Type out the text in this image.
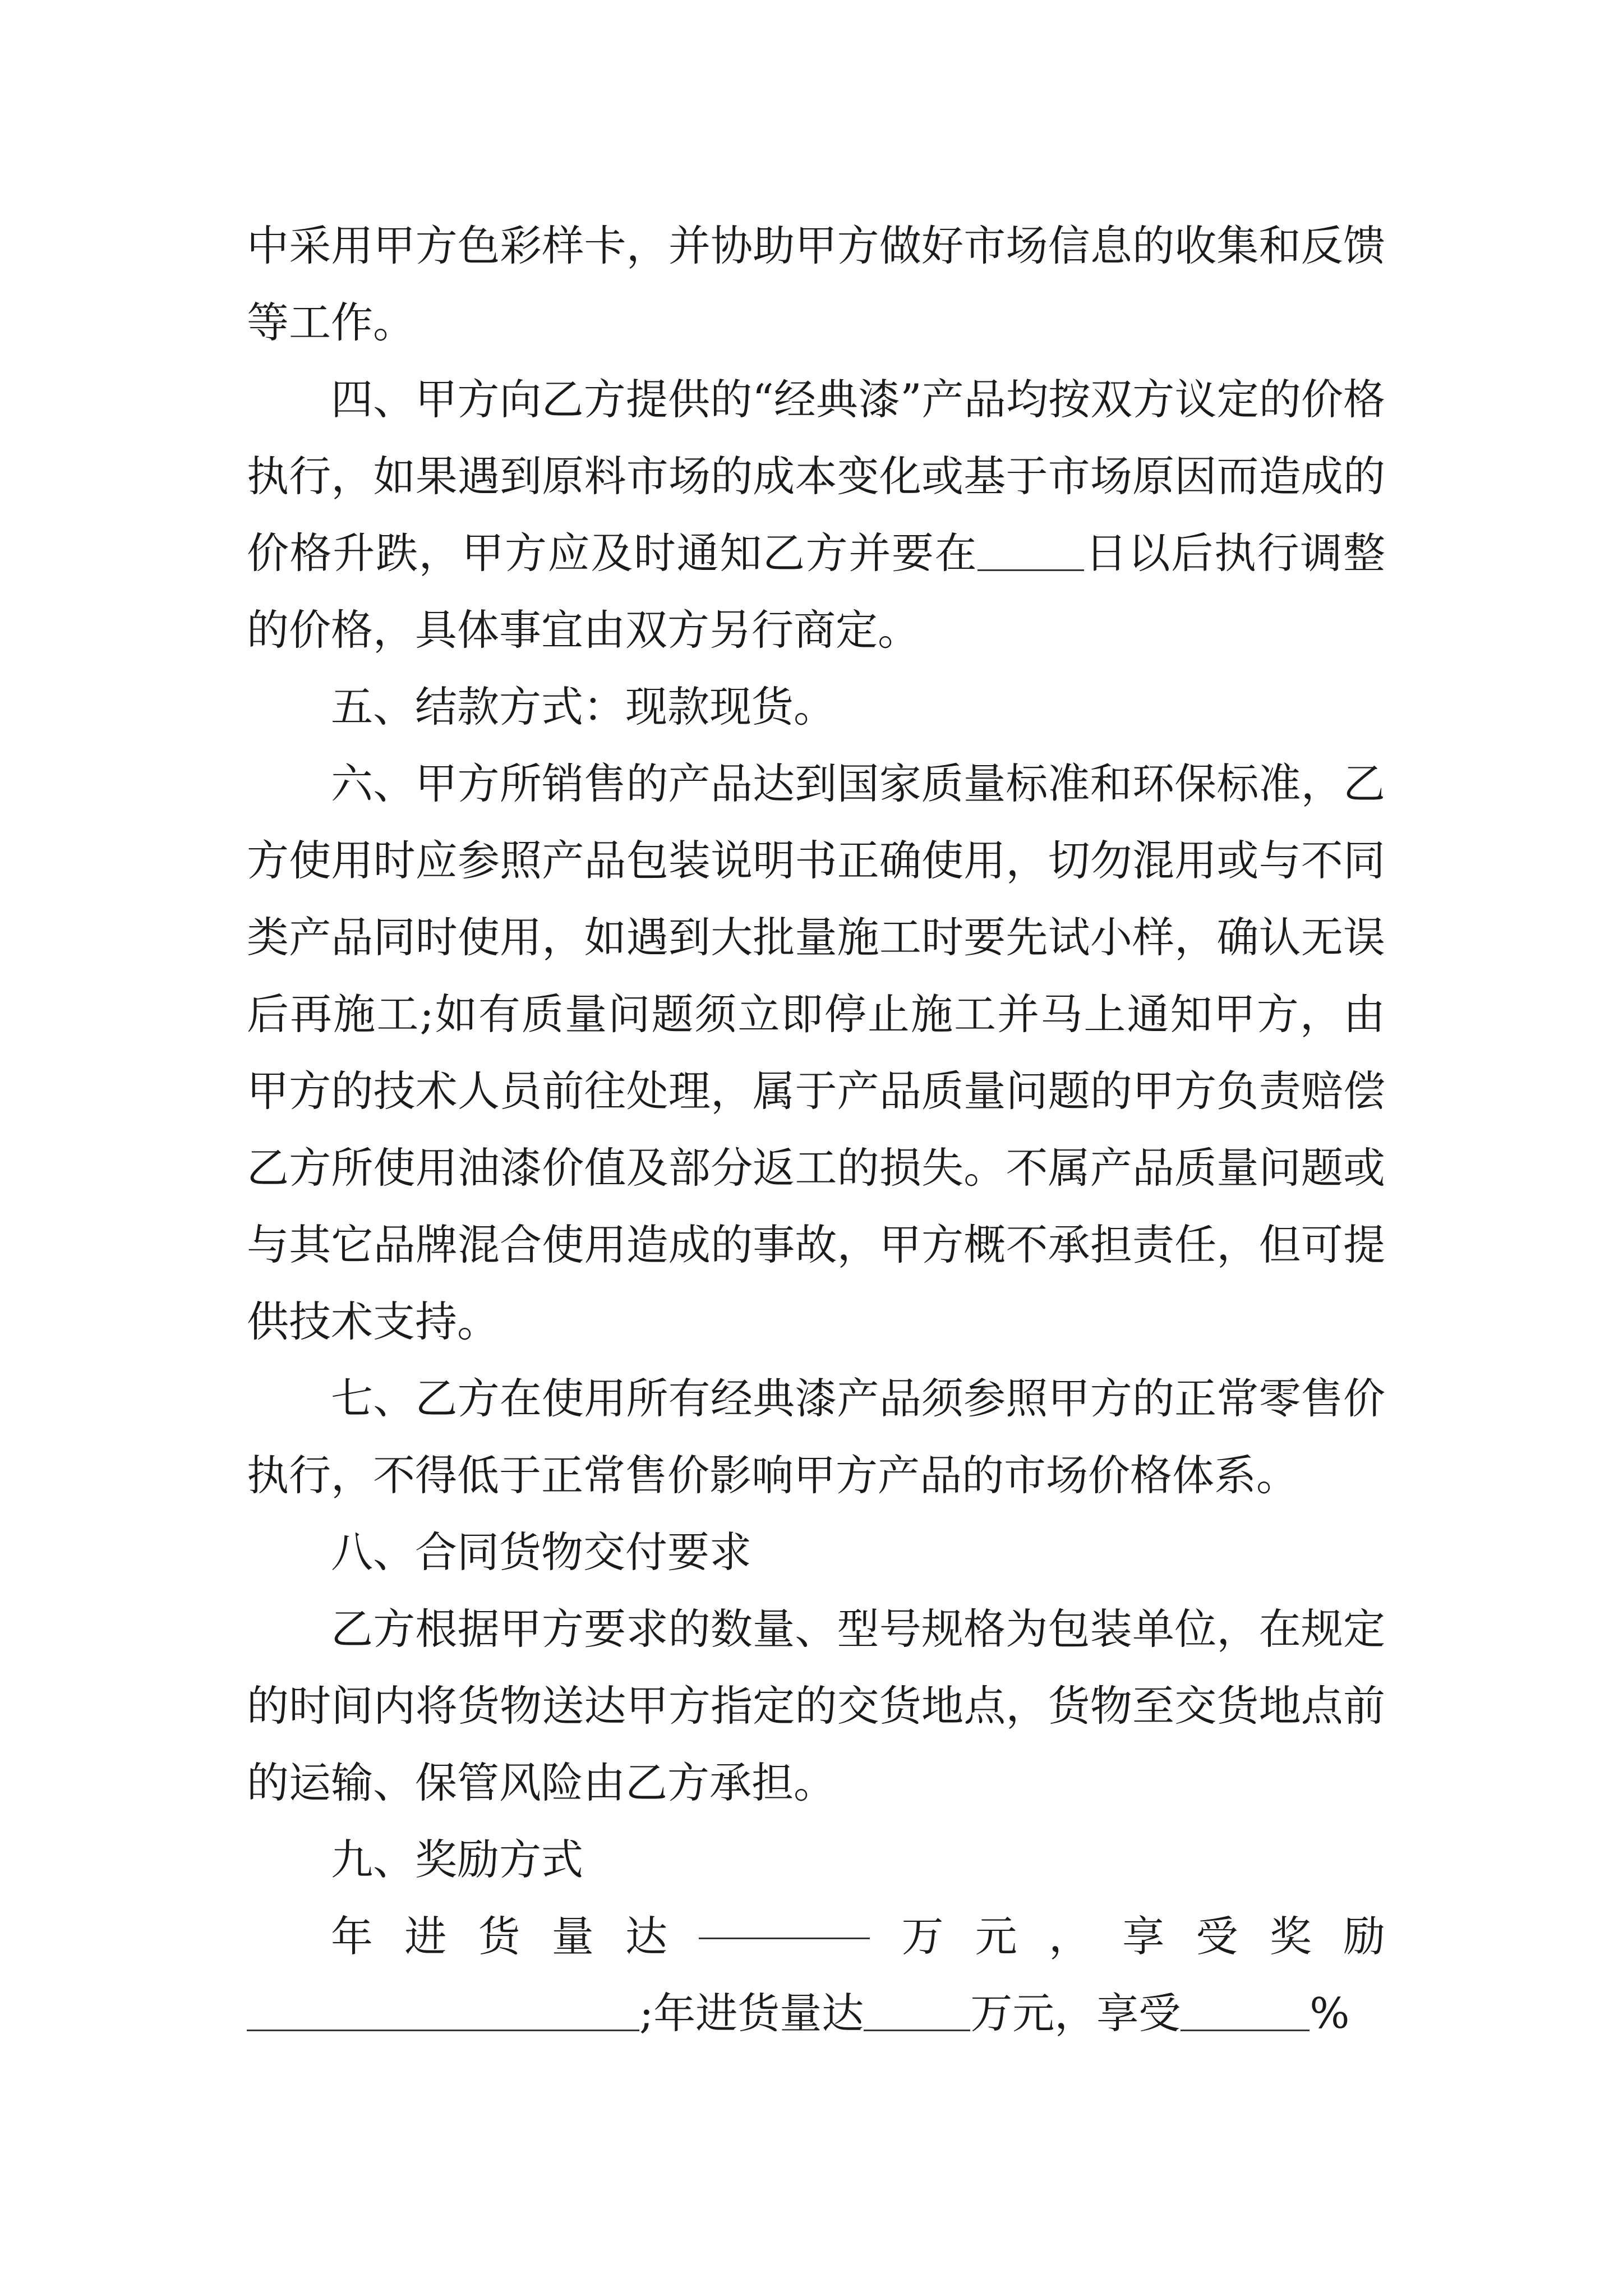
中采用甲方色彩样卡，并协助甲方做好市场信息的收集和反馈等工作。

四、甲方向乙方提供的“经典漆”产品均按双方议定的价格执行，如果遇到原料市场的成本变化或基于市场原因而造成的价格升跌，甲方应及时通知乙方并要在	日以后执行调整的价格，具体事宜由双方另行商定。

五、结款方式：现款现货。

六、甲方所销售的产品达到国家质量标准和环保标准，乙方使用时应参照产品包装说明书正确使用，切勿混用或与不同类产品同时使用，如遇到大批量施工时要先试小样，确认无误后再施工;如有质量问题须立即停止施工并马上通知甲方，由甲方的技术人员前往处理，属于产品质量问题的甲方负责赔偿乙方所使用油漆价值及部分返工的损失。不属产品质量问题或与其它品牌混合使用造成的事故，甲方概不承担责任，但可提供技术支持。

七、乙方在使用所有经典漆产品须参照甲方的正常零售价执行，不得低于正常售价影响甲方产品的市场价格体系。

八、合同货物交付要求

乙方根据甲方要求的数量、型号规格为包装单位，在规定的时间内将货物送达甲方指定的交货地点，货物至交货地点前的运输、保管风险由乙方承担。

九、奖励方式

年 进 货 量 达	万 元 ， 享 受 奖 励

;年进货量达	万元，享受	%
